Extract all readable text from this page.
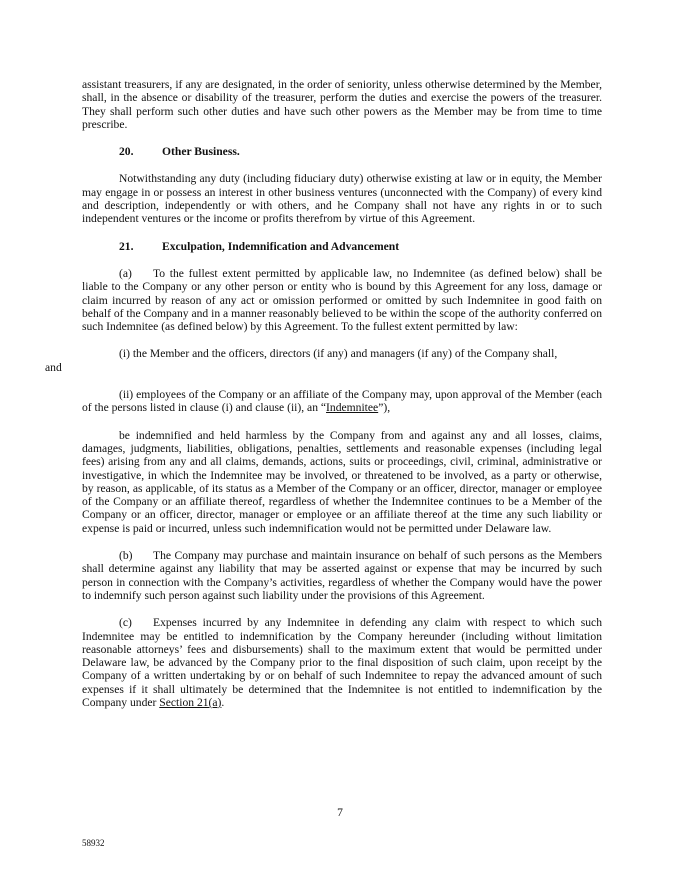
assistant treasurers, if any are designated, in the order of seniority, unless otherwise determined by the Member, shall, in the absence or disability of the treasurer, perform the duties and exercise the powers of the treasurer. They shall perform such other duties and have such other powers as the Member may be from time to time prescribe.

20. Other Business.

Notwithstanding any duty (including fiduciary duty) otherwise existing at law or in equity, the Member may engage in or possess an interest in other business ventures (unconnected with the Company) of every kind and description, independently or with others, and he Company shall not have any rights in or to such independent ventures or the income or profits therefrom by virtue of this Agreement.

21. Exculpation, Indemnification and Advancement

(a) To the fullest extent permitted by applicable law, no Indemnitee (as defined below) shall be liable to the Company or any other person or entity who is bound by this Agreement for any loss, damage or claim incurred by reason of any act or omission performed or omitted by such Indemnitee in good faith on behalf of the Company and in a manner reasonably believed to be within the scope of the authority conferred on such Indemnitee (as defined below) by this Agreement. To the fullest extent permitted by law:

(i) the Member and the officers, directors (if any) and managers (if any) of the Company shall,
and

(ii) employees of the Company or an affiliate of the Company may, upon approval of the Member (each of the persons listed in clause (i) and clause (ii), an “Indemnitee”),

be indemnified and held harmless by the Company from and against any and all losses, claims, damages, judgments, liabilities, obligations, penalties, settlements and reasonable expenses (including legal fees) arising from any and all claims, demands, actions, suits or proceedings, civil, criminal, administrative or investigative, in which the Indemnitee may be involved, or threatened to be involved, as a party or otherwise, by reason, as applicable, of its status as a Member of the Company or an officer, director, manager or employee of the Company or an affiliate thereof, regardless of whether the Indemnitee continues to be a Member of the Company or an officer, director, manager or employee or an affiliate thereof at the time any such liability or expense is paid or incurred, unless such indemnification would not be permitted under Delaware law.

(b) The Company may purchase and maintain insurance on behalf of such persons as the Members shall determine against any liability that may be asserted against or expense that may be incurred by such person in connection with the Company’s activities, regardless of whether the Company would have the power to indemnify such person against such liability under the provisions of this Agreement.

(c) Expenses incurred by any Indemnitee in defending any claim with respect to which such Indemnitee may be entitled to indemnification by the Company hereunder (including without limitation reasonable attorneys’ fees and disbursements) shall to the maximum extent that would be permitted under Delaware law, be advanced by the Company prior to the final disposition of such claim, upon receipt by the Company of a written undertaking by or on behalf of such Indemnitee to repay the advanced amount of such expenses if it shall ultimately be determined that the Indemnitee is not entitled to indemnification by the Company under Section 21(a).

7
58932
